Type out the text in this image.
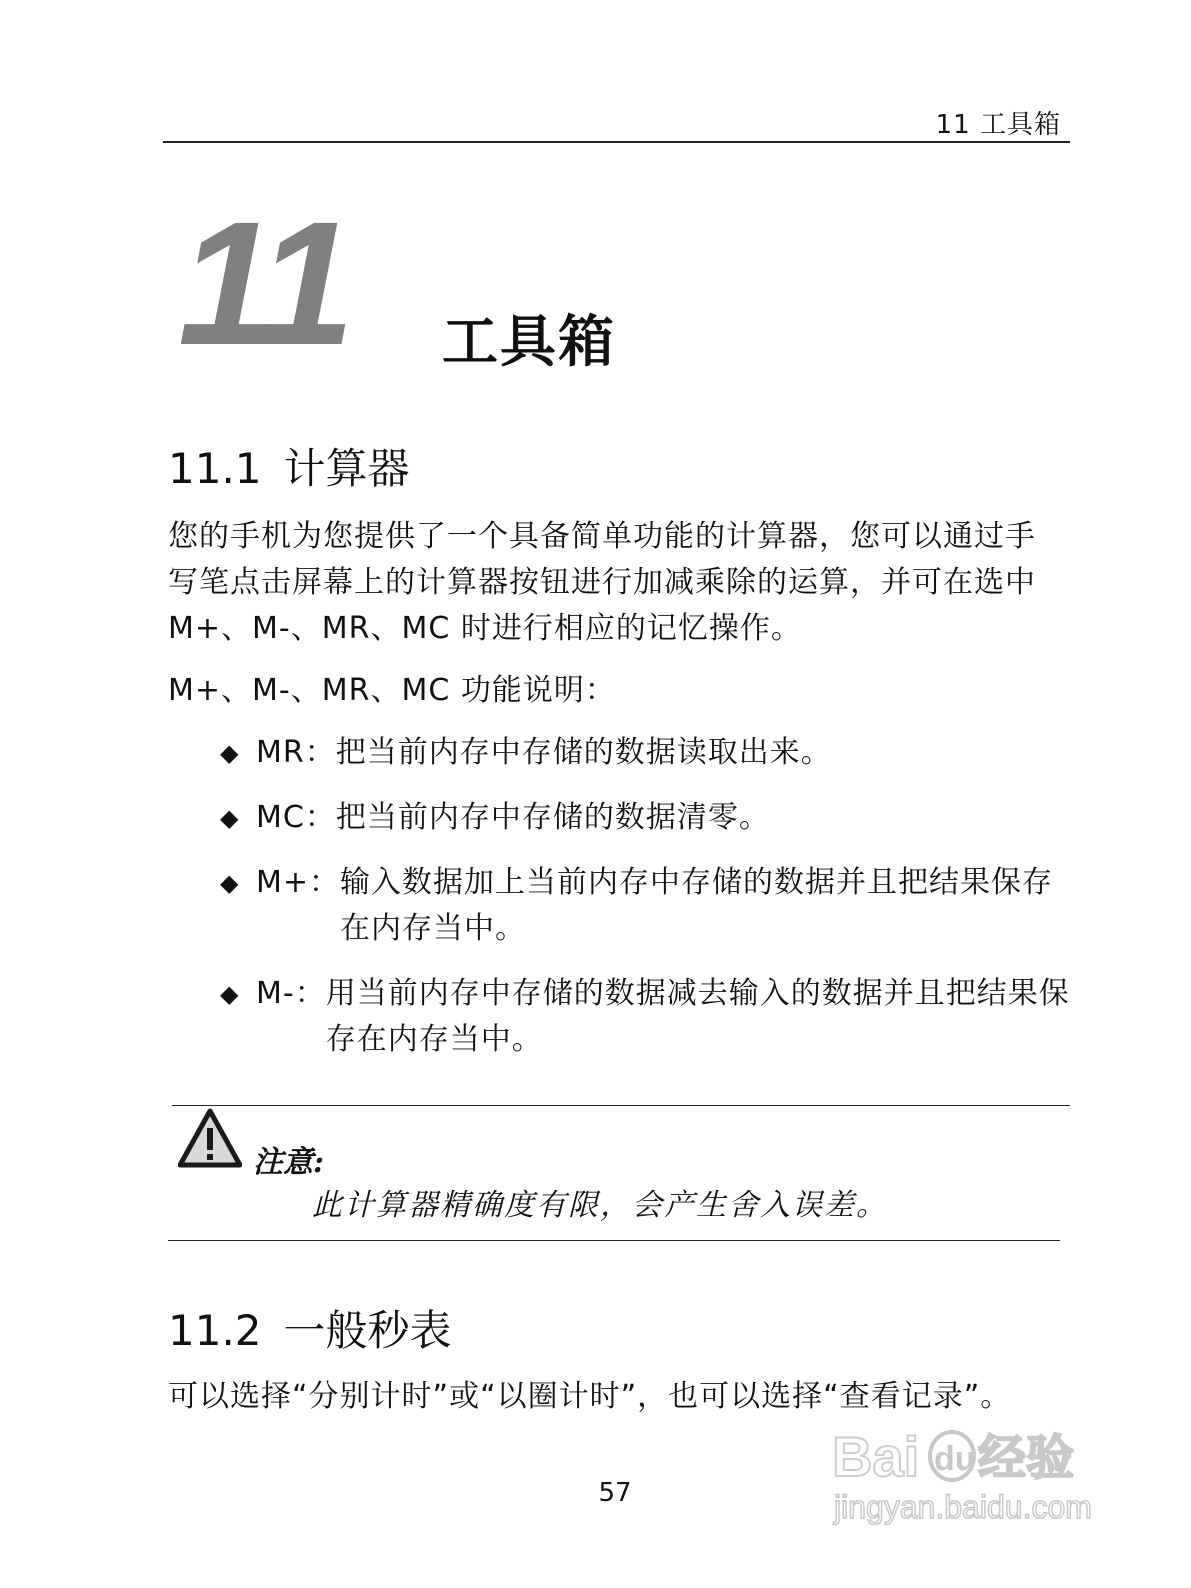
11 工具箱
11 工具箱
11.1 计算器
您的手机为您提供了一个具备简单功能的计算器，您可以通过手
写笔点击屏幕上的计算器按钮进行加减乘除的运算，并可在选中
M+、M-、MR、MC 时进行相应的记忆操作。
M+、M-、MR、MC 功能说明：
◆ MR： 把当前内存中存储的数据读取出来。
◆ MC： 把当前内存中存储的数据清零。
◆ M+： 输入数据加上当前内存中存储的数据并且把结果保存在内存当中。
◆ M-： 用当前内存中存储的数据减去输入的数据并且把结果保存在内存当中。
注意:
此计算器精确度有限，会产生舍入误差。
11.2 一般秒表
可以选择“分别计时”或“以圈计时”，也可以选择“查看记录”。
57
Bai du 经验
jingyan.baidu.com
